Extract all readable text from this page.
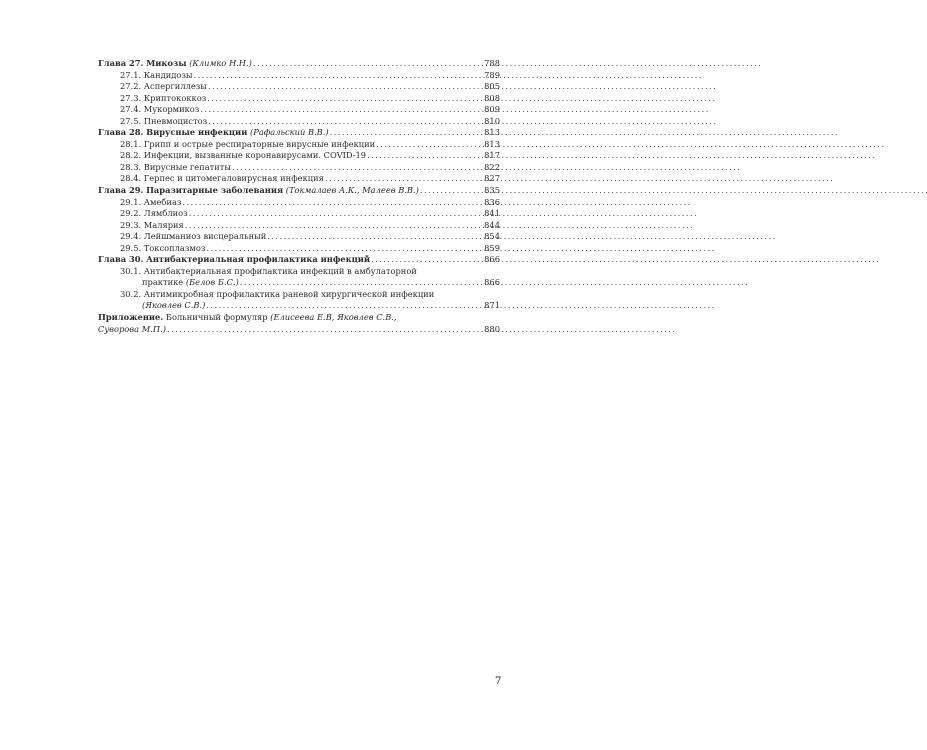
Глава 27. Микозы (Климко Н.Н.) . . .	788
27.1. Кандидозы . . .	789
27.2. Аспергиллезы . . .	805
27.3. Криптококкоз . . .	808
27.4. Мукормикоз . . .	809
27.5. Пневмоцистоз . . .	810
Глава 28. Вирусные инфекции (Рафальский В.В.) . . .	813
28.1. Грипп и острые респираторные вирусные инфекции . . .	813
28.2. Инфекции, вызванные коронавирусами. COVID-19 . . .	817
28.3. Вирусные гепатиты . . .	822
28.4. Герпес и цитомегаловирусная инфекция . . .	827
Глава 29. Паразитарные заболевания (Токмалаев А.К., Малеев В.В.) . . .	835
29.1. Амебиаз . . .	836
29.2. Лямблиоз . . .	841
29.3. Малярия . . .	844
29.4. Лейшманиоз висцеральный . . .	854
29.5. Токсоплазмоз . . .	859
Глава 30. Антибактериальная профилактика инфекций . . .	866
30.1. Антибактериальная профилактика инфекций в амбулаторной
практике (Белов Б.С.) . . .	866
30.2. Антимикробная профилактика раневой хирургической инфекции
(Яковлев С.В.) . . .	871
Приложение. Больничный формуляр (Елисеева Е.В, Яковлев С.В.,
Суворова М.П.) . . .	880
7
